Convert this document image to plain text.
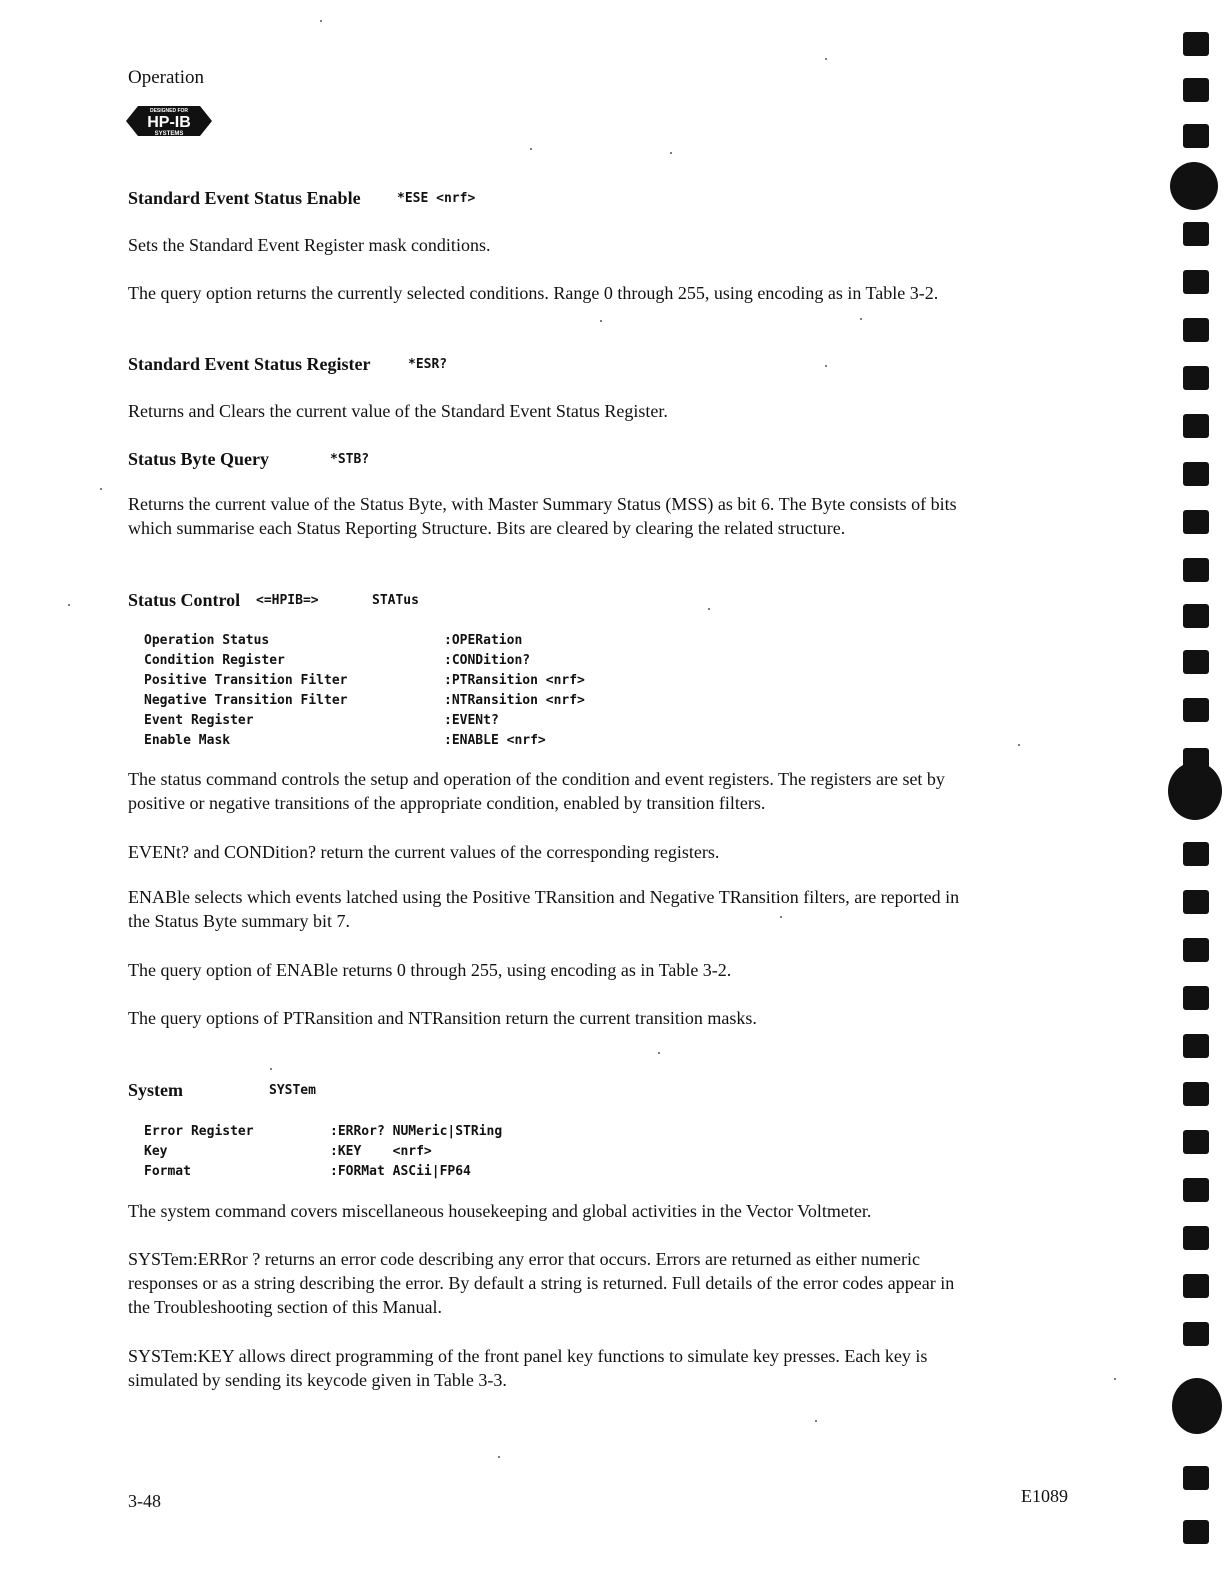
Operation
DESIGNED FOR
HP-IB
SYSTEMS
Standard Event Status Enable	*ESE <nrf>
Sets the Standard Event Register mask conditions.
The query option returns the currently selected conditions. Range 0 through 255, using encoding as in Table 3-2.
Standard Event Status Register	*ESR?
Returns and Clears the current value of the Standard Event Status Register.
Status Byte Query	*STB?
Returns the current value of the Status Byte, with Master Summary Status (MSS) as bit 6. The Byte consists of bits
which summarise each Status Reporting Structure. Bits are cleared by clearing the related structure.
Status Control <=HPIB=>	STATus
Operation Status	:OPERation
Condition Register	:CONDition?
Positive Transition Filter	:PTRansition <nrf>
Negative Transition Filter	:NTRansition <nrf>
Event Register	:EVENt?
Enable Mask	:ENABLE <nrf>
The status command controls the setup and operation of the condition and event registers. The registers are set by
positive or negative transitions of the appropriate condition, enabled by transition filters.
EVENt? and CONDition? return the current values of the corresponding registers.
ENABle selects which events latched using the Positive TRansition and Negative TRansition filters, are reported in
the Status Byte summary bit 7.
The query option of ENABle returns 0 through 255, using encoding as in Table 3-2.
The query options of PTRansition and NTRansition return the current transition masks.
System	SYSTem
Error Register	:ERRor? NUMeric|STRing
Key	:KEY    <nrf>
Format	:FORMat ASCii|FP64
The system command covers miscellaneous housekeeping and global activities in the Vector Voltmeter.
SYSTem:ERRor ? returns an error code describing any error that occurs. Errors are returned as either numeric
responses or as a string describing the error. By default a string is returned. Full details of the error codes appear in
the Troubleshooting section of this Manual.
SYSTem:KEY allows direct programming of the front panel key functions to simulate key presses. Each key is
simulated by sending its keycode given in Table 3-3.
3-48	E1089
